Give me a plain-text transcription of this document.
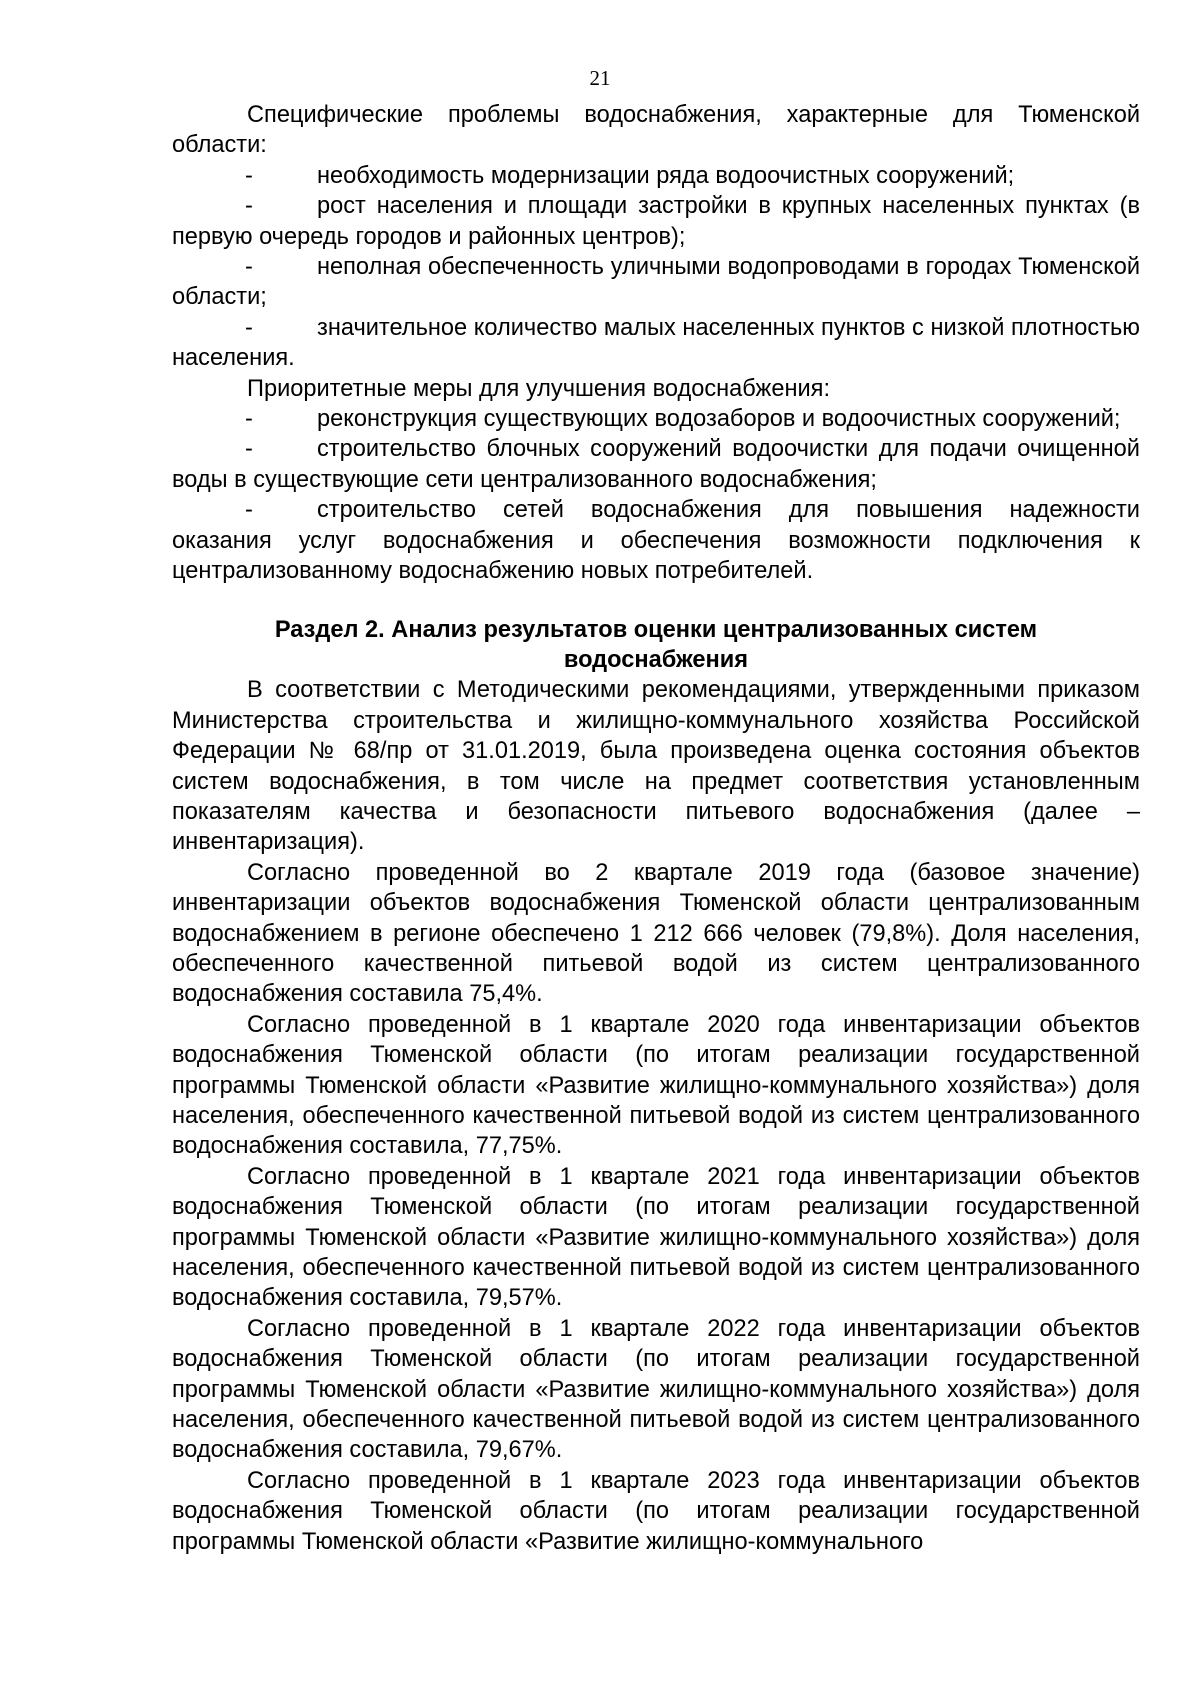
21

Специфические проблемы водоснабжения, характерные для Тюменской области:

-	необходимость модернизации ряда водоочистных сооружений;

-	рост населения и площади застройки в крупных населенных пунктах (в первую очередь городов и районных центров);

-	неполная обеспеченность уличными водопроводами в городах Тюменской области;

-	значительное количество малых населенных пунктов с низкой плотностью населения.

Приоритетные меры для улучшения водоснабжения:

-	реконструкция существующих водозаборов и водоочистных сооружений;

-	строительство блочных сооружений водоочистки для подачи очищенной воды в существующие сети централизованного водоснабжения;

-	строительство сетей водоснабжения для повышения надежности оказания услуг водоснабжения и обеспечения возможности подключения к централизованному водоснабжению новых потребителей.

Раздел 2. Анализ результатов оценки централизованных систем водоснабжения

В соответствии с Методическими рекомендациями, утвержденными приказом Министерства строительства и жилищно-коммунального хозяйства Российской Федерации № 68/пр от 31.01.2019, была произведена оценка состояния объектов систем водоснабжения, в том числе на предмет соответствия установленным показателям качества и безопасности питьевого водоснабжения (далее – инвентаризация).

Согласно проведенной во 2 квартале 2019 года (базовое значение) инвентаризации объектов водоснабжения Тюменской области централизованным водоснабжением в регионе обеспечено 1 212 666 человек (79,8%). Доля населения, обеспеченного качественной питьевой водой из систем централизованного водоснабжения составила 75,4%.

Согласно проведенной в 1 квартале 2020 года инвентаризации объектов водоснабжения Тюменской области (по итогам реализации государственной программы Тюменской области «Развитие жилищно-коммунального хозяйства») доля населения, обеспеченного качественной питьевой водой из систем централизованного водоснабжения составила, 77,75%.

Согласно проведенной в 1 квартале 2021 года инвентаризации объектов водоснабжения Тюменской области (по итогам реализации государственной программы Тюменской области «Развитие жилищно-коммунального хозяйства») доля населения, обеспеченного качественной питьевой водой из систем централизованного водоснабжения составила, 79,57%.

Согласно проведенной в 1 квартале 2022 года инвентаризации объектов водоснабжения Тюменской области (по итогам реализации государственной программы Тюменской области «Развитие жилищно-коммунального хозяйства») доля населения, обеспеченного качественной питьевой водой из систем централизованного водоснабжения составила, 79,67%.

Согласно проведенной в 1 квартале 2023 года инвентаризации объектов водоснабжения Тюменской области (по итогам реализации государственной программы Тюменской области «Развитие жилищно-коммунального
